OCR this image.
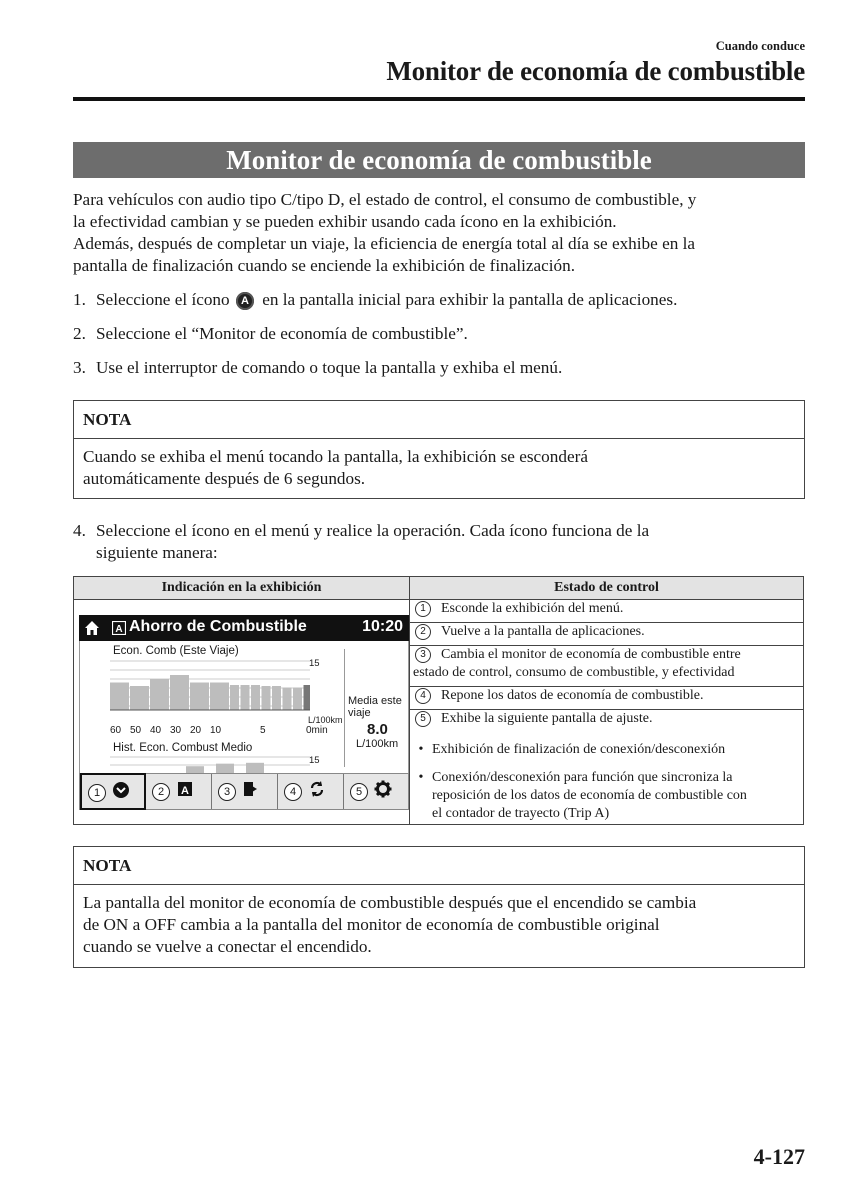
Cuando conduce
Monitor de economía de combustible
Monitor de economía de combustible
Para vehículos con audio tipo C/tipo D, el estado de control, el consumo de combustible, y
la efectividad cambian y se pueden exhibir usando cada ícono en la exhibición.
Además, después de completar un viaje, la eficiencia de energía total al día se exhibe en la
pantalla de finalización cuando se enciende la exhibición de finalización.
1. Seleccione el ícono A en la pantalla inicial para exhibir la pantalla de aplicaciones.
2. Seleccione el “Monitor de economía de combustible”.
3. Use el interruptor de comando o toque la pantalla y exhiba el menú.
NOTA
Cuando se exhiba el menú tocando la pantalla, la exhibición se esconderá
automáticamente después de 6 segundos.
4. Seleccione el ícono en el menú y realice la operación. Cada ícono funciona de la
siguiente manera:
Indicación en la exhibición	Estado de control
1 Esconde la exhibición del menú.
2 Vuelve a la pantalla de aplicaciones.
3 Cambia el monitor de economía de combustible entre
estado de control, consumo de combustible, y efectividad
4 Repone los datos de economía de combustible.
5 Exhibe la siguiente pantalla de ajuste.
• Exhibición de finalización de conexión/desconexión
• Conexión/desconexión para función que sincroniza la
reposición de los datos de economía de combustible con
el contador de trayecto (Trip A)
A Ahorro de Combustible	10:20
Econ. Comb (Este Viaje)
15
L/100km
60 50 40 30 20 10	5	0min
Media este
viaje
8.0
L/100km
Hist. Econ. Combust Medio
15
1	2	A	3	4	5
NOTA
La pantalla del monitor de economía de combustible después que el encendido se cambia
de ON a OFF cambia a la pantalla del monitor de economía de combustible original
cuando se vuelve a conectar el encendido.
4-127
